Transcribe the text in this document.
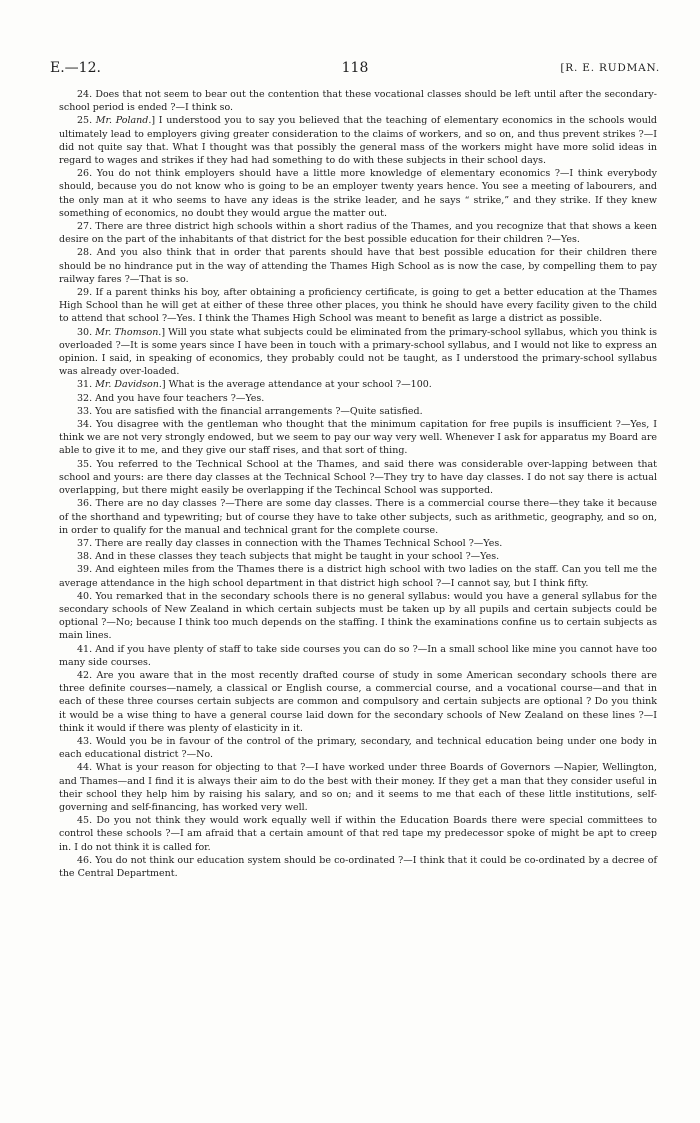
E.—12.	118	[R. E. RUDMAN.

24. Does that not seem to bear out the contention that these vocational classes should be left until after the secondary-school period is ended ?—I think so.

25. Mr. Poland.] I understood you to say you believed that the teaching of elementary economics in the schools would ultimately lead to employers giving greater consideration to the claims of workers, and so on, and thus prevent strikes ?—I did not quite say that. What I thought was that possibly the general mass of the workers might have more solid ideas in regard to wages and strikes if they had had something to do with these subjects in their school days.

26. You do not think employers should have a little more knowledge of elementary economics ?—I think everybody should, because you do not know who is going to be an employer twenty years hence. You see a meeting of labourers, and the only man at it who seems to have any ideas is the strike leader, and he says “ strike,” and they strike. If they knew something of economics, no doubt they would argue the matter out.

27. There are three district high schools within a short radius of the Thames, and you recognize that that shows a keen desire on the part of the inhabitants of that district for the best possible education for their children ?—Yes.

28. And you also think that in order that parents should have that best possible education for their children there should be no hindrance put in the way of attending the Thames High School as is now the case, by compelling them to pay railway fares ?—That is so.

29. If a parent thinks his boy, after obtaining a proficiency certificate, is going to get a better education at the Thames High School than he will get at either of these three other places, you think he should have every facility given to the child to attend that school ?—Yes. I think the Thames High School was meant to benefit as large a district as possible.

30. Mr. Thomson.] Will you state what subjects could be eliminated from the primary-school syllabus, which you think is overloaded ?—It is some years since I have been in touch with a primary-school syllabus, and I would not like to express an opinion. I said, in speaking of economics, they probably could not be taught, as I understood the primary-school syllabus was already over-loaded.

31. Mr. Davidson.] What is the average attendance at your school ?—100.

32. And you have four teachers ?—Yes.

33. You are satisfied with the financial arrangements ?—Quite satisfied.

34. You disagree with the gentleman who thought that the minimum capitation for free pupils is insufficient ?—Yes, I think we are not very strongly endowed, but we seem to pay our way very well. Whenever I ask for apparatus my Board are able to give it to me, and they give our staff rises, and that sort of thing.

35. You referred to the Technical School at the Thames, and said there was considerable over-lapping between that school and yours: are there day classes at the Technical School ?—They try to have day classes. I do not say there is actual overlapping, but there might easily be overlapping if the Techincal School was supported.

36. There are no day classes ?—There are some day classes. There is a commercial course there—they take it because of the shorthand and typewriting; but of course they have to take other subjects, such as arithmetic, geography, and so on, in order to qualify for the manual and technical grant for the complete course.

37. There are really day classes in connection with the Thames Technical School ?—Yes.

38. And in these classes they teach subjects that might be taught in your school ?—Yes.

39. And eighteen miles from the Thames there is a district high school with two ladies on the staff. Can you tell me the average attendance in the high school department in that district high school ?—I cannot say, but I think fifty.

40. You remarked that in the secondary schools there is no general syllabus: would you have a general syllabus for the secondary schools of New Zealand in which certain subjects must be taken up by all pupils and certain subjects could be optional ?—No; because I think too much depends on the staffing. I think the examinations confine us to certain subjects as main lines.

41. And if you have plenty of staff to take side courses you can do so ?—In a small school like mine you cannot have too many side courses.

42. Are you aware that in the most recently drafted course of study in some American secondary schools there are three definite courses—namely, a classical or English course, a commercial course, and a vocational course—and that in each of these three courses certain subjects are common and compulsory and certain subjects are optional ? Do you think it would be a wise thing to have a general course laid down for the secondary schools of New Zealand on these lines ?—I think it would if there was plenty of elasticity in it.

43. Would you be in favour of the control of the primary, secondary, and technical education being under one body in each educational district ?—No.

44. What is your reason for objecting to that ?—I have worked under three Boards of Governors —Napier, Wellington, and Thames—and I find it is always their aim to do the best with their money. If they get a man that they consider useful in their school they help him by raising his salary, and so on; and it seems to me that each of these little institutions, self-governing and self-financing, has worked very well.

45. Do you not think they would work equally well if within the Education Boards there were special committees to control these schools ?—I am afraid that a certain amount of that red tape my predecessor spoke of might be apt to creep in. I do not think it is called for.

46. You do not think our education system should be co-ordinated ?—I think that it could be co-ordinated by a decree of the Central Department.
